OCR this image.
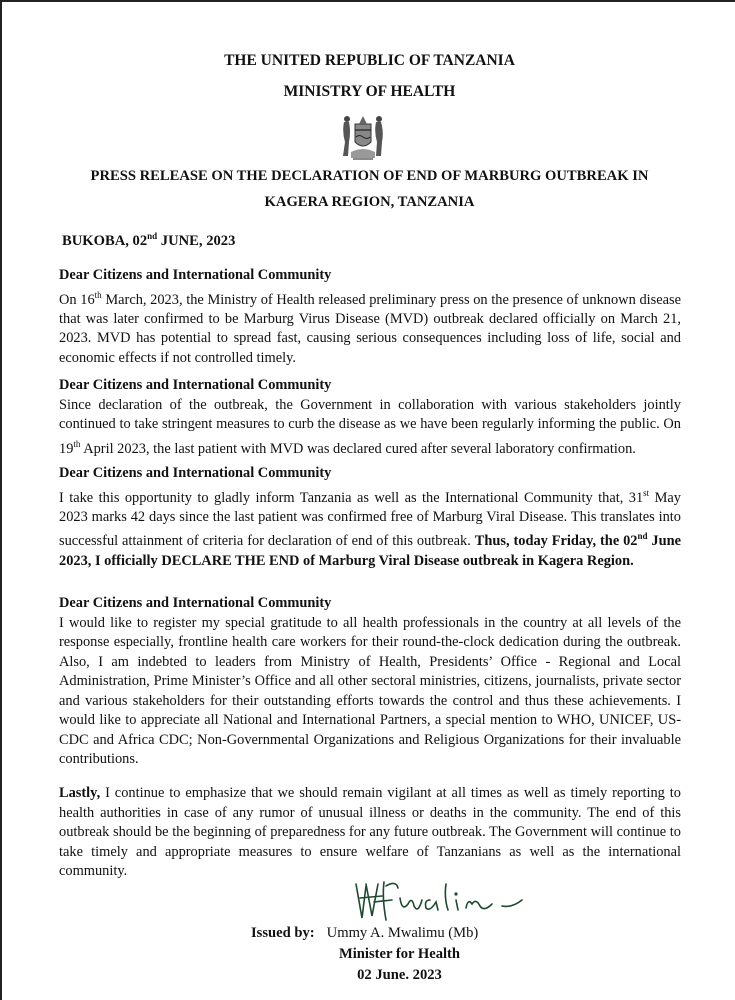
THE UNITED REPUBLIC OF TANZANIA
MINISTRY OF HEALTH
PRESS RELEASE ON THE DECLARATION OF END OF MARBURG OUTBREAK IN
KAGERA REGION, TANZANIA
BUKOBA, 02nd JUNE, 2023
Dear Citizens and International Community
On 16th March, 2023, the Ministry of Health released preliminary press on the presence of unknown disease that was later confirmed to be Marburg Virus Disease (MVD) outbreak declared officially on March 21, 2023. MVD has potential to spread fast, causing serious consequences including loss of life, social and economic effects if not controlled timely.
Dear Citizens and International Community
Since declaration of the outbreak, the Government in collaboration with various stakeholders jointly continued to take stringent measures to curb the disease as we have been regularly informing the public. On 19th April 2023, the last patient with MVD was declared cured after several laboratory confirmation.
Dear Citizens and International Community
I take this opportunity to gladly inform Tanzania as well as the International Community that, 31st May 2023 marks 42 days since the last patient was confirmed free of Marburg Viral Disease. This translates into successful attainment of criteria for declaration of end of this outbreak. Thus, today Friday, the 02nd June 2023, I officially DECLARE THE END of Marburg Viral Disease outbreak in Kagera Region.
Dear Citizens and International Community
I would like to register my special gratitude to all health professionals in the country at all levels of the response especially, frontline health care workers for their round-the-clock dedication during the outbreak. Also, I am indebted to leaders from Ministry of Health, Presidents’ Office - Regional and Local Administration, Prime Minister’s Office and all other sectoral ministries, citizens, journalists, private sector and various stakeholders for their outstanding efforts towards the control and thus these achievements. I would like to appreciate all National and International Partners, a special mention to WHO, UNICEF, US- CDC and Africa CDC; Non-Governmental Organizations and Religious Organizations for their invaluable contributions.
Lastly, I continue to emphasize that we should remain vigilant at all times as well as timely reporting to health authorities in case of any rumor of unusual illness or deaths in the community. The end of this outbreak should be the beginning of preparedness for any future outbreak. The Government will continue to take timely and appropriate measures to ensure welfare of Tanzanians as well as the international community.
Issued by: Ummy A. Mwalimu (Mb)
Minister for Health
02 June. 2023
